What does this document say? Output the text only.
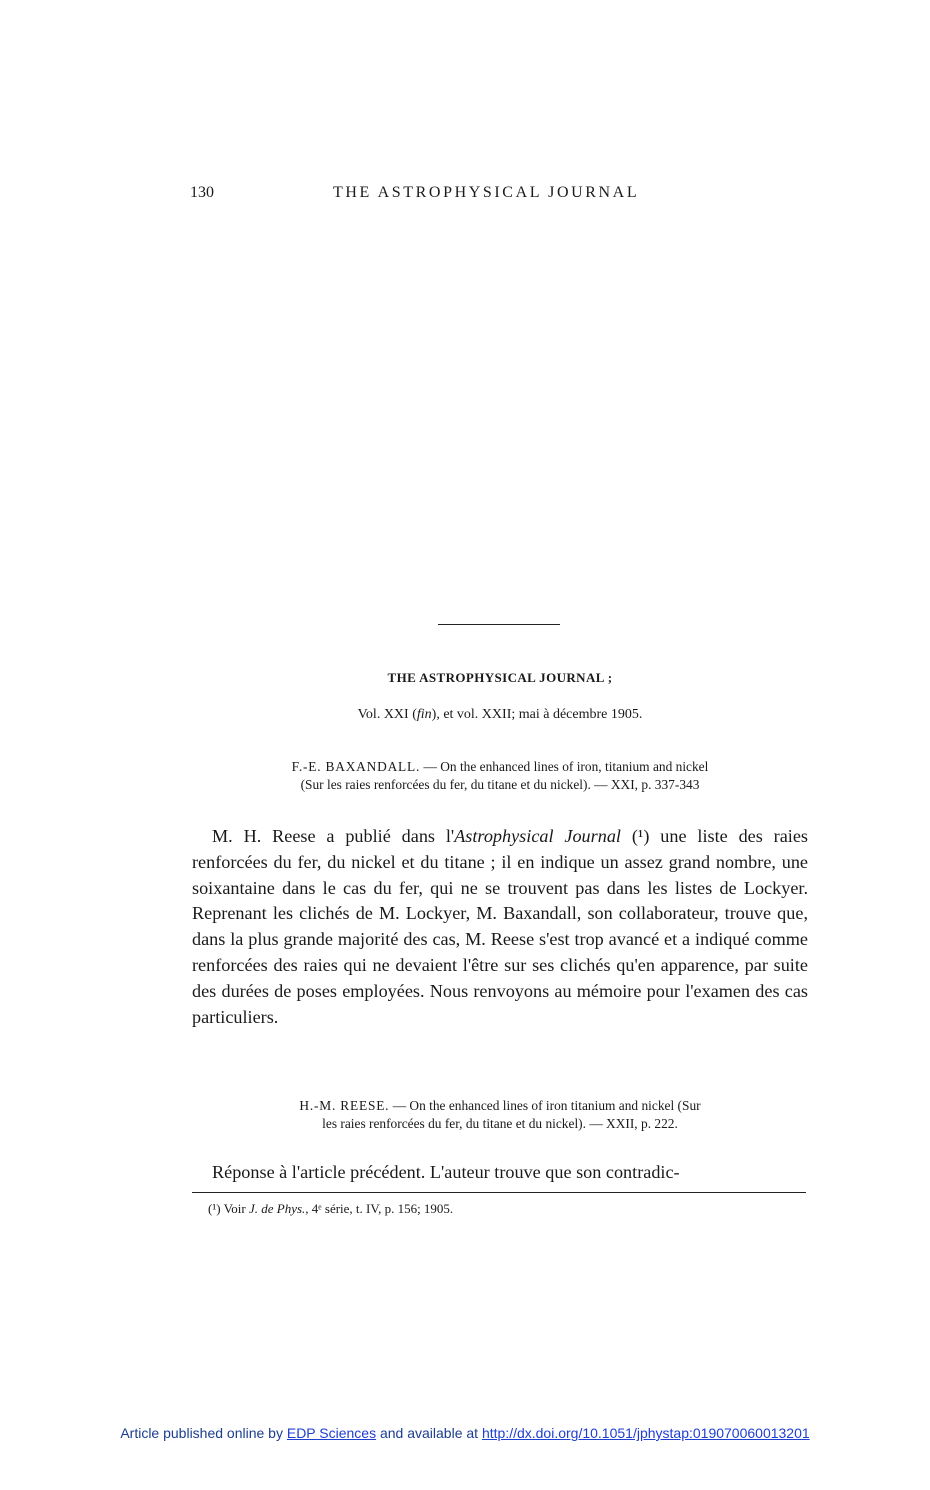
130	THE ASTROPHYSICAL JOURNAL
THE ASTROPHYSICAL JOURNAL ;
Vol. XXI (fin), et vol. XXII; mai à décembre 1905.
F.-E. BAXANDALL. — On the enhanced lines of iron, titanium and nickel
(Sur les raies renforcées du fer, du titane et du nickel). — XXI, p. 337-343
M. H. Reese a publié dans l'Astrophysical Journal (¹) une liste des raies renforcées du fer, du nickel et du titane ; il en indique un assez grand nombre, une soixantaine dans le cas du fer, qui ne se trouvent pas dans les listes de Lockyer. Reprenant les clichés de M. Lockyer, M. Baxandall, son collaborateur, trouve que, dans la plus grande majorité des cas, M. Reese s'est trop avancé et a indiqué comme renforcées des raies qui ne devaient l'être sur ses clichés qu'en apparence, par suite des durées de poses employées. Nous renvoyons au mémoire pour l'examen des cas particuliers.
H.-M. REESE. — On the enhanced lines of iron titanium and nickel (Sur
les raies renforcées du fer, du titane et du nickel). — XXII, p. 222.
Réponse à l'article précédent. L'auteur trouve que son contradic-
(¹) Voir J. de Phys., 4ᵉ série, t. IV, p. 156; 1905.
Article published online by EDP Sciences and available at http://dx.doi.org/10.1051/jphystap:019070060013201
